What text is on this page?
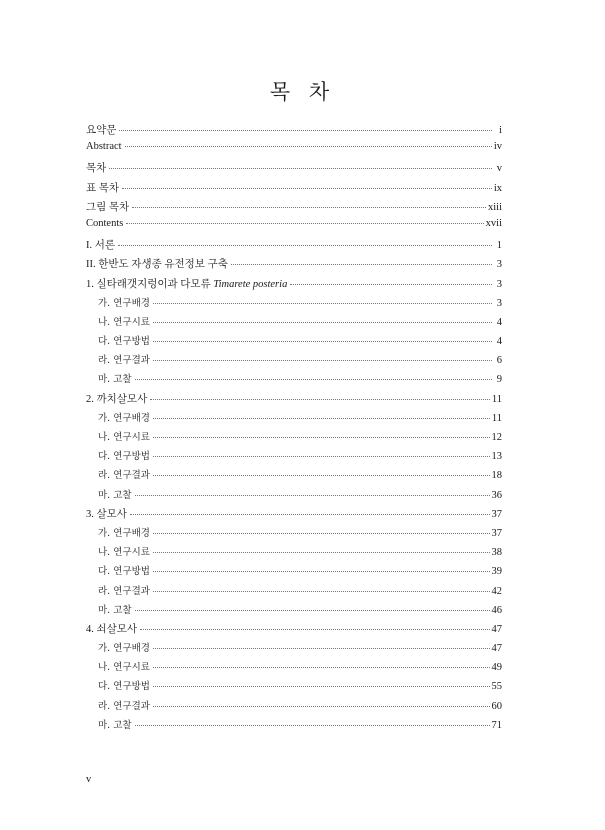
목 차
요약문	i
Abstract	iv
목차	v
표 목차	ix
그림 목차	xiii
Contents	xvii
I. 서론	1
II. 한반도 자생종 유전정보 구축	3
1. 실타래갯지렁이과 다모류 Timarete posteria	3
가. 연구배경	3
나. 연구시료	4
다. 연구방법	4
라. 연구결과	6
마. 고찰	9
2. 까치살모사	11
가. 연구배경	11
나. 연구시료	12
다. 연구방법	13
라. 연구결과	18
마. 고찰	36
3. 살모사	37
가. 연구배경	37
나. 연구시료	38
다. 연구방법	39
라. 연구결과	42
마. 고찰	46
4. 쇠살모사	47
가. 연구배경	47
나. 연구시료	49
다. 연구방법	55
라. 연구결과	60
마. 고찰	71
v
